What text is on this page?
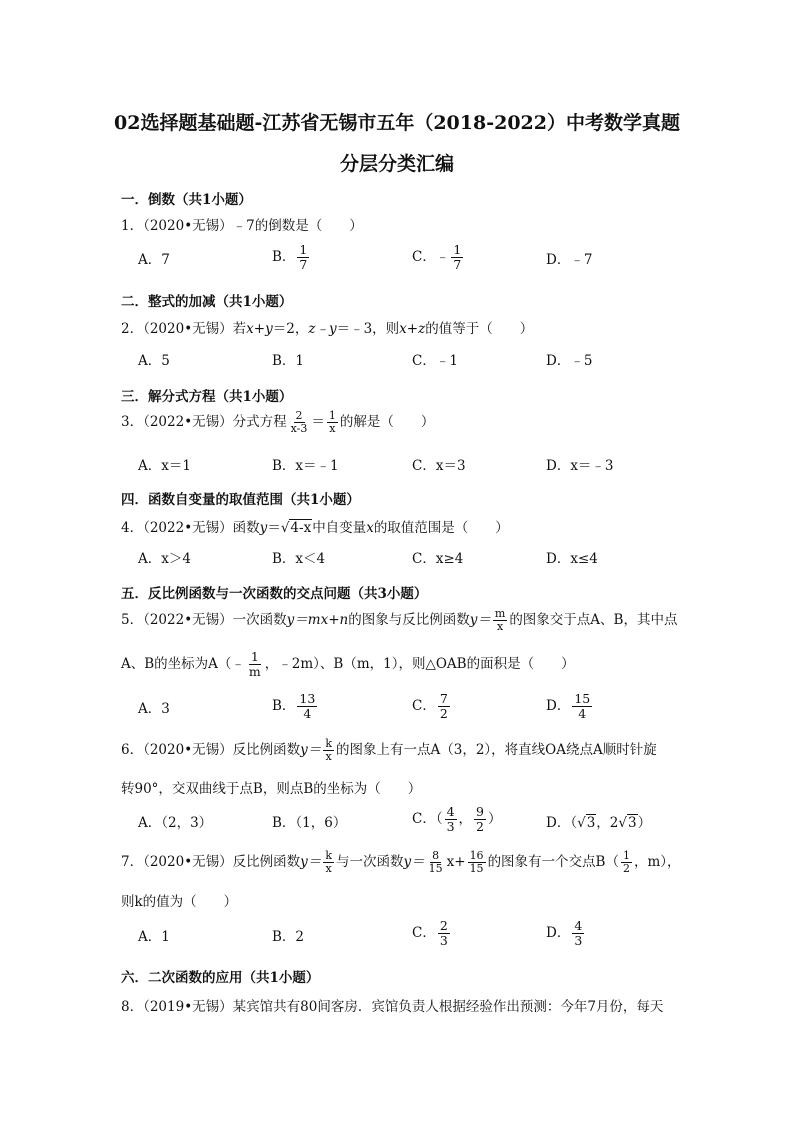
02选择题基础题-江苏省无锡市五年（2018-2022）中考数学真题
分层分类汇编
一．倒数（共1小题）
1．（2020•无锡）﹣7的倒数是（　　）
A．7	B． $\frac{1}{7}$	C．﹣ $\frac{1}{7}$	D．﹣7
二．整式的加减（共1小题）
2．（2020•无锡）若x+y＝2，z﹣y＝﹣3，则x+z的值等于（　　）
A．5	B．1	C．﹣1	D．﹣5
三．解分式方程（共1小题）
3．（2022•无锡）分式方程 $\frac{2}{x-3} = \frac{1}{x}$ 的解是（　　）
A．x＝1	B．x＝﹣1	C．x＝3	D．x＝﹣3
四．函数自变量的取值范围（共1小题）
4．（2022•无锡）函数y＝√4-x中自变量x的取值范围是（　　）
A．x＞4	B．x＜4	C．x≥4	D．x≤4
五．反比例函数与一次函数的交点问题（共3小题）
5．（2022•无锡）一次函数y＝mx+n的图象与反比例函数$y= \frac{m}{x}$ 的图象交于点A、B，其中点
A、B的坐标为A（﹣ $\frac{1}{m}$ ，﹣2m）、B（m，1），则△OAB的面积是（　　）
A．3	B． $\frac{13}{4}$	C． $\frac{7}{2}$	D． $\frac{15}{4}$
6．（2020•无锡）反比例函数$y= \frac{k}{x}$ 的图象上有一点A（3，2），将直线OA绕点A顺时针旋
转90°，交双曲线于点B，则点B的坐标为（　　）
A．（2，3）	B．（1，6）	C．（ $\frac{4}{3}$ ， $\frac{9}{2}$ ）	D．（√3，2√3）
7．（2020•无锡）反比例函数$y= \frac{k}{x}$ 与一次函数$y= \frac{8}{15} x+ \frac{16}{15}$ 的图象有一个交点$B( \frac{1}{2}$ ，m），
则k的值为（　　）
A．1	B．2	C． $\frac{2}{3}$	D． $\frac{4}{3}$
六．二次函数的应用（共1小题）
8．（2019•无锡）某宾馆共有80间客房．宾馆负责人根据经验作出预测：今年7月份，每天
